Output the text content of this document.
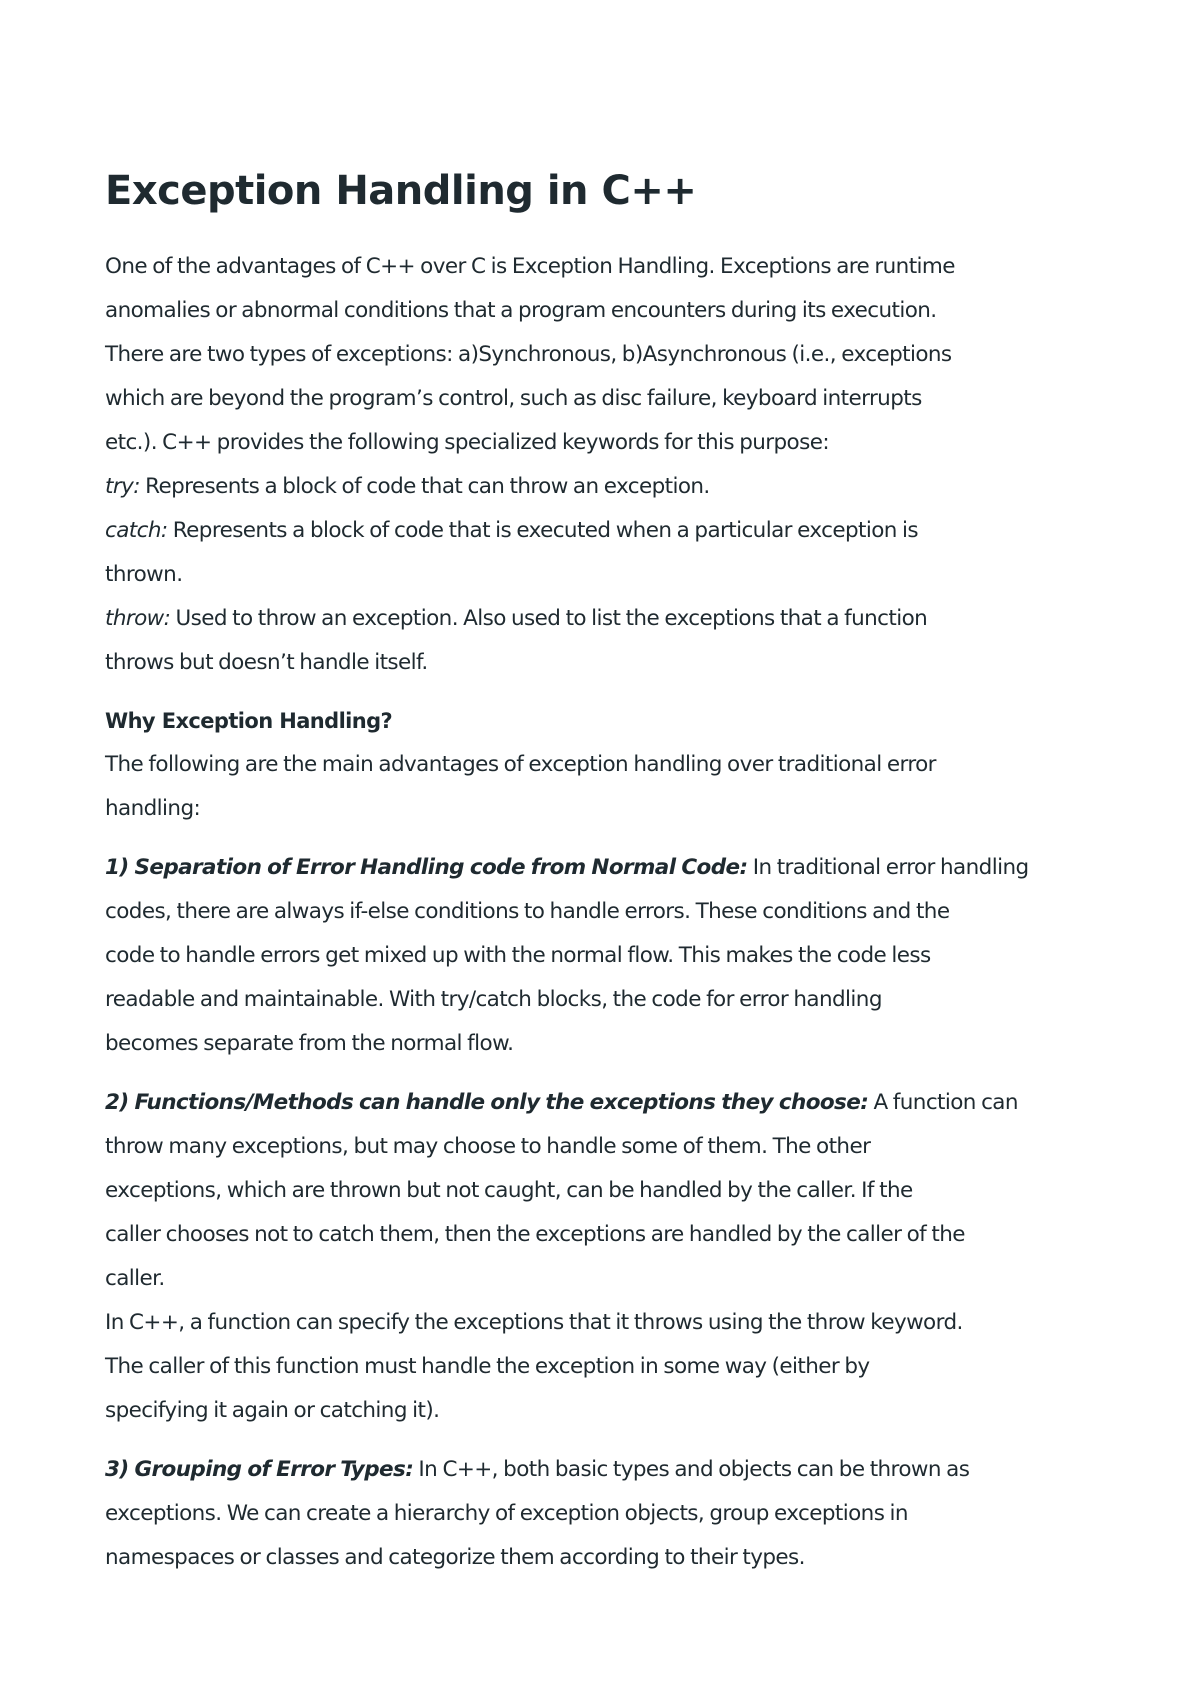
Exception Handling in C++

One of the advantages of C++ over C is Exception Handling. Exceptions are runtime
anomalies or abnormal conditions that a program encounters during its execution.
There are two types of exceptions: a)Synchronous, b)Asynchronous (i.e., exceptions
which are beyond the program’s control, such as disc failure, keyboard interrupts
etc.). C++ provides the following specialized keywords for this purpose:

try: Represents a block of code that can throw an exception.
catch: Represents a block of code that is executed when a particular exception is
thrown.
throw: Used to throw an exception. Also used to list the exceptions that a function
throws but doesn’t handle itself.

Why Exception Handling?

The following are the main advantages of exception handling over traditional error
handling:

1) Separation of Error Handling code from Normal Code: In traditional error handling
codes, there are always if-else conditions to handle errors. These conditions and the
code to handle errors get mixed up with the normal flow. This makes the code less
readable and maintainable. With try/catch blocks, the code for error handling
becomes separate from the normal flow.

2) Functions/Methods can handle only the exceptions they choose: A function can
throw many exceptions, but may choose to handle some of them. The other
exceptions, which are thrown but not caught, can be handled by the caller. If the
caller chooses not to catch them, then the exceptions are handled by the caller of the
caller.
In C++, a function can specify the exceptions that it throws using the throw keyword.
The caller of this function must handle the exception in some way (either by
specifying it again or catching it).

3) Grouping of Error Types: In C++, both basic types and objects can be thrown as
exceptions. We can create a hierarchy of exception objects, group exceptions in
namespaces or classes and categorize them according to their types.
